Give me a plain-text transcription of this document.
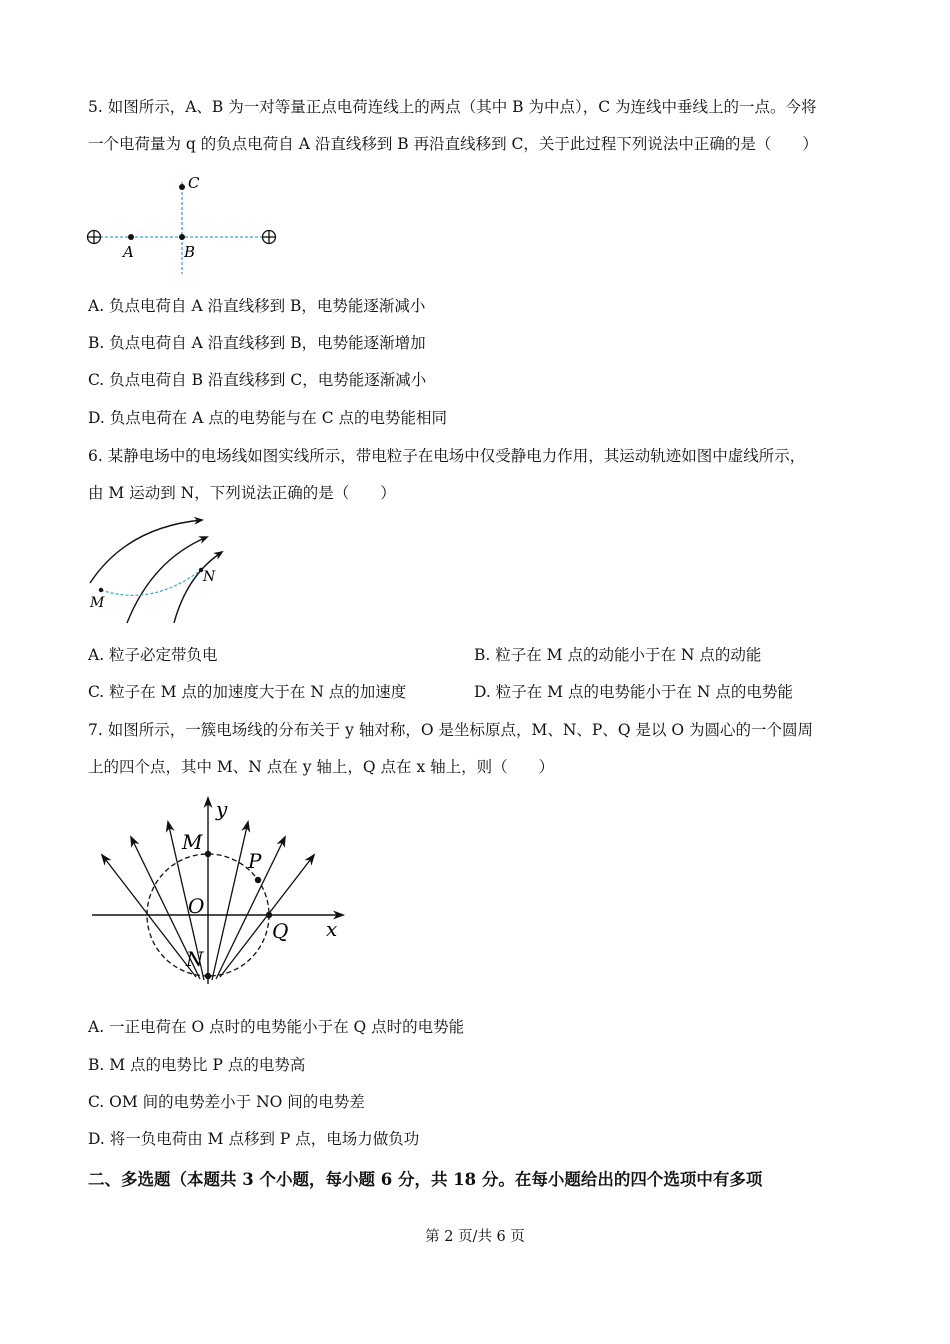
5. 如图所示，A、B 为一对等量正点电荷连线上的两点（其中 B 为中点），C 为连线中垂线上的一点。今将
一个电荷量为 q 的负点电荷自 A 沿直线移到 B 再沿直线移到 C，关于此过程下列说法中正确的是（　　）
A	B
C
A. 负点电荷自 A 沿直线移到 B，电势能逐渐减小
B. 负点电荷自 A 沿直线移到 B，电势能逐渐增加
C. 负点电荷自 B 沿直线移到 C，电势能逐渐减小
D. 负点电荷在 A 点的电势能与在 C 点的电势能相同
6. 某静电场中的电场线如图实线所示，带电粒子在电场中仅受静电力作用，其运动轨迹如图中虚线所示，
由 M 运动到 N，下列说法正确的是（　　）
M
N
A. 粒子必定带负电	B. 粒子在 M 点的动能小于在 N 点的动能
C. 粒子在 M 点的加速度大于在 N 点的加速度	D. 粒子在 M 点的电势能小于在 N 点的电势能
7. 如图所示，一簇电场线的分布关于 y 轴对称，O 是坐标原点，M、N、P、Q 是以 O 为圆心的一个圆周
上的四个点，其中 M、N 点在 y 轴上，Q 点在 x 轴上，则（　　）
y
x
M
P
O
Q
N
A. 一正电荷在 O 点时的电势能小于在 Q 点时的电势能
B. M 点的电势比 P 点的电势高
C. OM 间的电势差小于 NO 间的电势差
D. 将一负电荷由 M 点移到 P 点，电场力做负功
二、多选题（本题共 3 个小题，每小题 6 分，共 18 分。在每小题给出的四个选项中有多项
第 2 页/共 6 页
